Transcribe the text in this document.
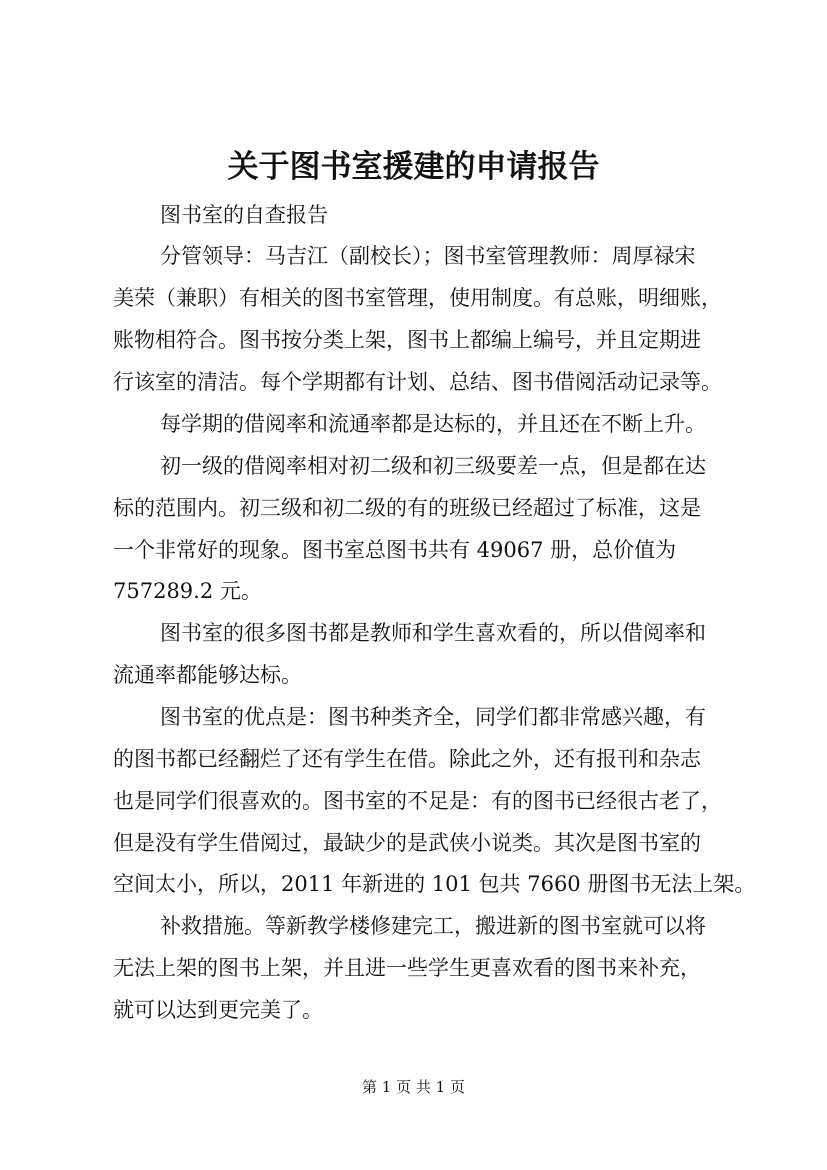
关于图书室援建的申请报告
图书室的自查报告
分管领导：马吉江（副校长）；图书室管理教师：周厚禄宋
美荣（兼职）有相关的图书室管理，使用制度。有总账，明细账，
账物相符合。图书按分类上架，图书上都编上编号，并且定期进
行该室的清洁。每个学期都有计划、总结、图书借阅活动记录等。
每学期的借阅率和流通率都是达标的，并且还在不断上升。
初一级的借阅率相对初二级和初三级要差一点，但是都在达
标的范围内。初三级和初二级的有的班级已经超过了标准，这是
一个非常好的现象。图书室总图书共有 49067 册，总价值为
757289.2 元。
图书室的很多图书都是教师和学生喜欢看的，所以借阅率和
流通率都能够达标。
图书室的优点是：图书种类齐全，同学们都非常感兴趣，有
的图书都已经翻烂了还有学生在借。除此之外，还有报刊和杂志
也是同学们很喜欢的。图书室的不足是：有的图书已经很古老了，
但是没有学生借阅过，最缺少的是武侠小说类。其次是图书室的
空间太小，所以，2011 年新进的 101 包共 7660 册图书无法上架。
补救措施。等新教学楼修建完工，搬进新的图书室就可以将
无法上架的图书上架，并且进一些学生更喜欢看的图书来补充，
就可以达到更完美了。
第 1 页 共 1 页
